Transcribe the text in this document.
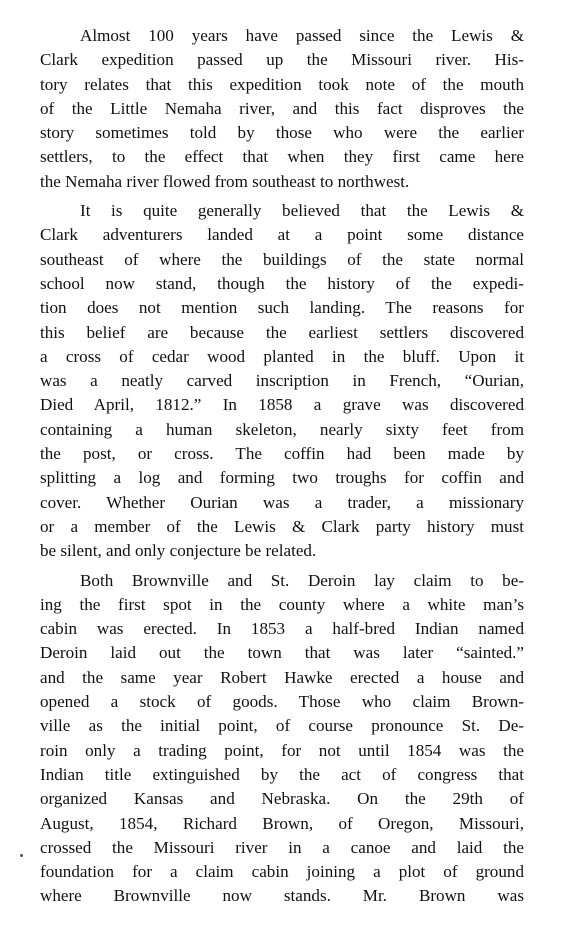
Almost 100 years have passed since the Lewis &
Clark expedition passed up the Missouri river. His-
tory relates that this expedition took note of the mouth
of the Little Nemaha river, and this fact disproves the
story sometimes told by those who were the earlier
settlers, to the effect that when they first came here
the Nemaha river flowed from southeast to northwest.

It is quite generally believed that the Lewis &
Clark adventurers landed at a point some distance
southeast of where the buildings of the state normal
school now stand, though the history of the expedi-
tion does not mention such landing. The reasons for
this belief are because the earliest settlers discovered
a cross of cedar wood planted in the bluff. Upon it
was a neatly carved inscription in French, “Ourian,
Died April, 1812.” In 1858 a grave was discovered
containing a human skeleton, nearly sixty feet from
the post, or cross. The coffin had been made by
splitting a log and forming two troughs for coffin and
cover. Whether Ourian was a trader, a missionary
or a member of the Lewis & Clark party history must
be silent, and only conjecture be related.

Both Brownville and St. Deroin lay claim to be-
ing the first spot in the county where a white man’s
cabin was erected. In 1853 a half-bred Indian named
Deroin laid out the town that was later “sainted.”
and the same year Robert Hawke erected a house and
opened a stock of goods. Those who claim Brown-
ville as the initial point, of course pronounce St. De-
roin only a trading point, for not until 1854 was the
Indian title extinguished by the act of congress that
organized Kansas and Nebraska. On the 29th of
August, 1854, Richard Brown, of Oregon, Missouri,
crossed the Missouri river in a canoe and laid the
foundation for a claim cabin joining a plot of ground
where Brownville now stands. Mr. Brown was
